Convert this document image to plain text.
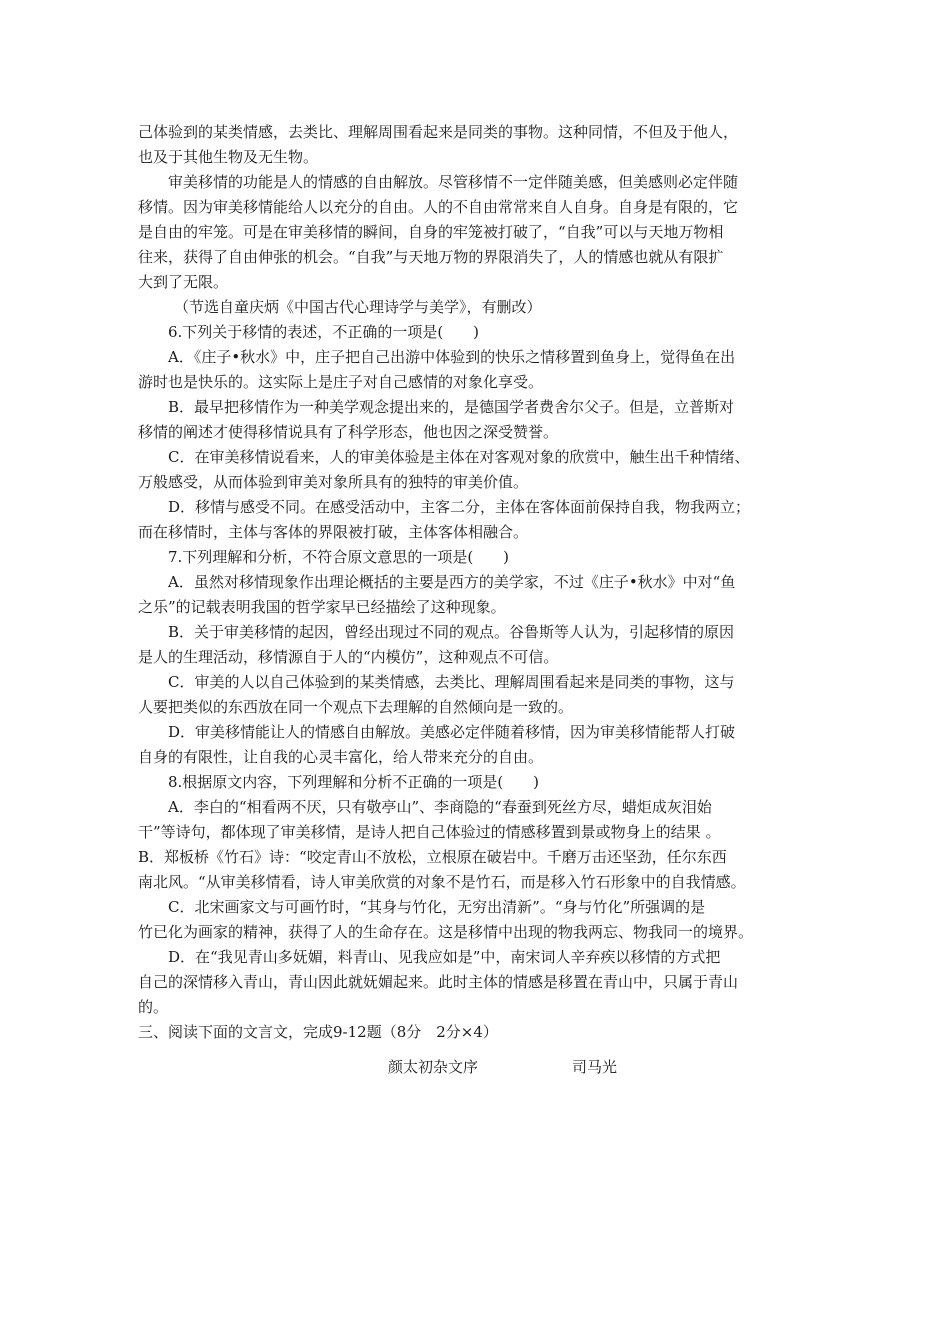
己体验到的某类情感，去类比、理解周围看起来是同类的事物。这种同情，不但及于他人，
也及于其他生物及无生物。
审美移情的功能是人的情感的自由解放。尽管移情不一定伴随美感，但美感则必定伴随
移情。因为审美移情能给人以充分的自由。人的不自由常常来自人自身。自身是有限的，它
是自由的牢笼。可是在审美移情的瞬间，自身的牢笼被打破了，“自我”可以与天地万物相
往来，获得了自由伸张的机会。“自我”与天地万物的界限消失了，人的情感也就从有限扩
大到了无限。
（节选自童庆炳《中国古代心理诗学与美学》，有删改）
6.下列关于移情的表述，不正确的一项是(　　)
A．《庄子•秋水》中，庄子把自己出游中体验到的快乐之情移置到鱼身上，觉得鱼在出
游时也是快乐的。这实际上是庄子对自己感情的对象化享受。
B．最早把移情作为一种美学观念提出来的，是德国学者费舍尔父子。但是，立普斯对
移情的阐述才使得移情说具有了科学形态，他也因之深受赞誉。
C．在审美移情说看来，人的审美体验是主体在对客观对象的欣赏中，触生出千种情绪、
万般感受，从而体验到审美对象所具有的独特的审美价值。
D．移情与感受不同。在感受活动中，主客二分，主体在客体面前保持自我，物我两立；
而在移情时，主体与客体的界限被打破，主体客体相融合。
7.下列理解和分析，不符合原文意思的一项是(　　)
A．虽然对移情现象作出理论概括的主要是西方的美学家，不过《庄子•秋水》中对“鱼
之乐”的记载表明我国的哲学家早已经描绘了这种现象。
B．关于审美移情的起因，曾经出现过不同的观点。谷鲁斯等人认为，引起移情的原因
是人的生理活动，移情源自于人的“内模仿”，这种观点不可信。
C．审美的人以自己体验到的某类情感，去类比、理解周围看起来是同类的事物，这与
人要把类似的东西放在同一个观点下去理解的自然倾向是一致的。
D．审美移情能让人的情感自由解放。美感必定伴随着移情，因为审美移情能帮人打破
自身的有限性，让自我的心灵丰富化，给人带来充分的自由。
8.根据原文内容，下列理解和分析不正确的一项是(　　)
A．李白的“相看两不厌，只有敬亭山”、李商隐的“春蚕到死丝方尽，蜡炬成灰泪始
干”等诗句，都体现了审美移情，是诗人把自己体验过的情感移置到景或物身上的结果 。
B．郑板桥《竹石》诗：“咬定青山不放松，立根原在破岩中。千磨万击还坚劲，任尔东西
南北风。“从审美移情看，诗人审美欣赏的对象不是竹石，而是移入竹石形象中的自我情感。
C．北宋画家文与可画竹时，“其身与竹化，无穷出清新”。“身与竹化”所强调的是
竹已化为画家的精神，获得了人的生命存在。这是移情中出现的物我两忘、物我同一的境界。
D．在“我见青山多妩媚，料青山、见我应如是”中，南宋词人辛弃疾以移情的方式把
自己的深情移入青山，青山因此就妩媚起来。此时主体的情感是移置在青山中，只属于青山
的。
三、阅读下面的文言文，完成9-12题（8分　2分×4）
颜太初杂文序	司马光
